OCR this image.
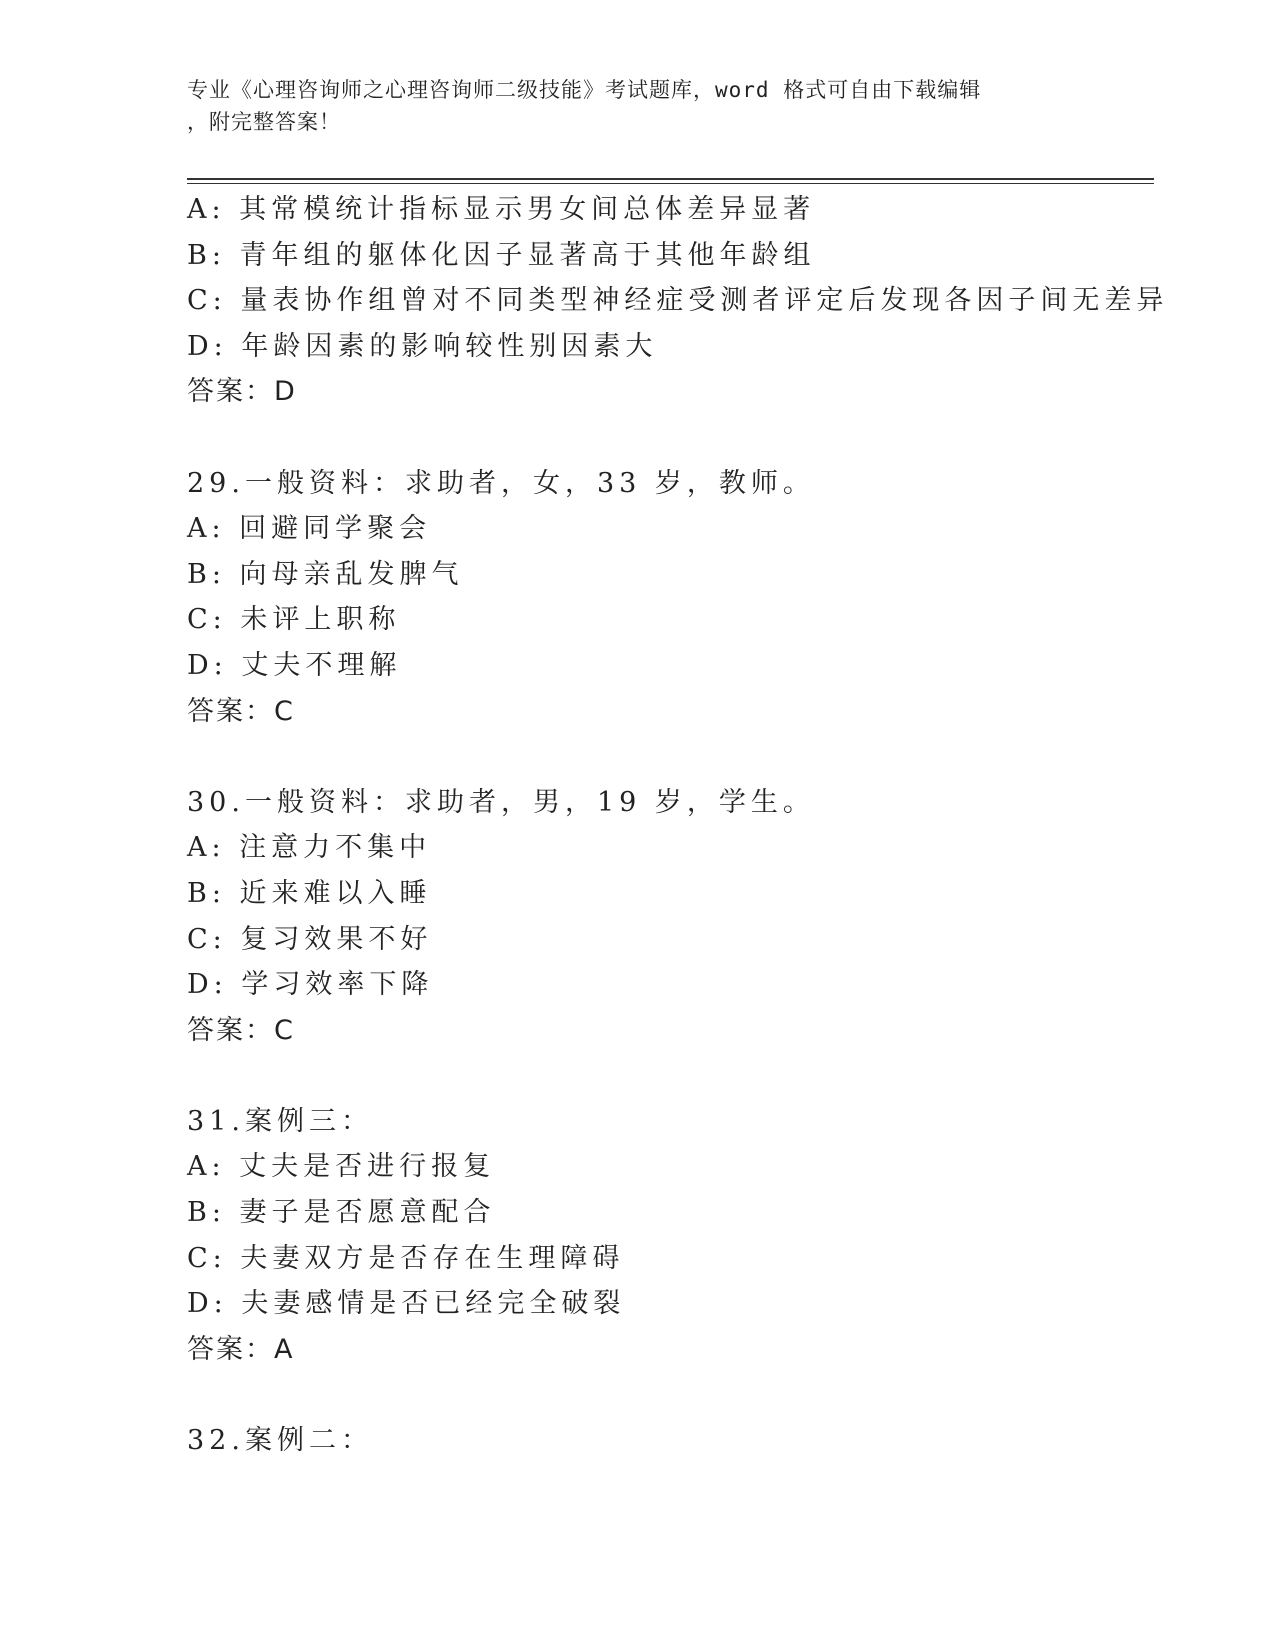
专业《心理咨询师之心理咨询师二级技能》考试题库，word 格式可自由下载编辑
，附完整答案！
A: 其常模统计指标显示男女间总体差异显著
B: 青年组的躯体化因子显著高于其他年龄组
C: 量表协作组曾对不同类型神经症受测者评定后发现各因子间无差异
D: 年龄因素的影响较性别因素大
答案：D
29.一般资料：求助者，女，33 岁，教师。
A: 回避同学聚会
B: 向母亲乱发脾气
C: 未评上职称
D: 丈夫不理解
答案：C
30.一般资料：求助者，男，19 岁，学生。
A: 注意力不集中
B: 近来难以入睡
C: 复习效果不好
D: 学习效率下降
答案：C
31.案例三：
A: 丈夫是否进行报复
B: 妻子是否愿意配合
C: 夫妻双方是否存在生理障碍
D: 夫妻感情是否已经完全破裂
答案：A
32.案例二：
